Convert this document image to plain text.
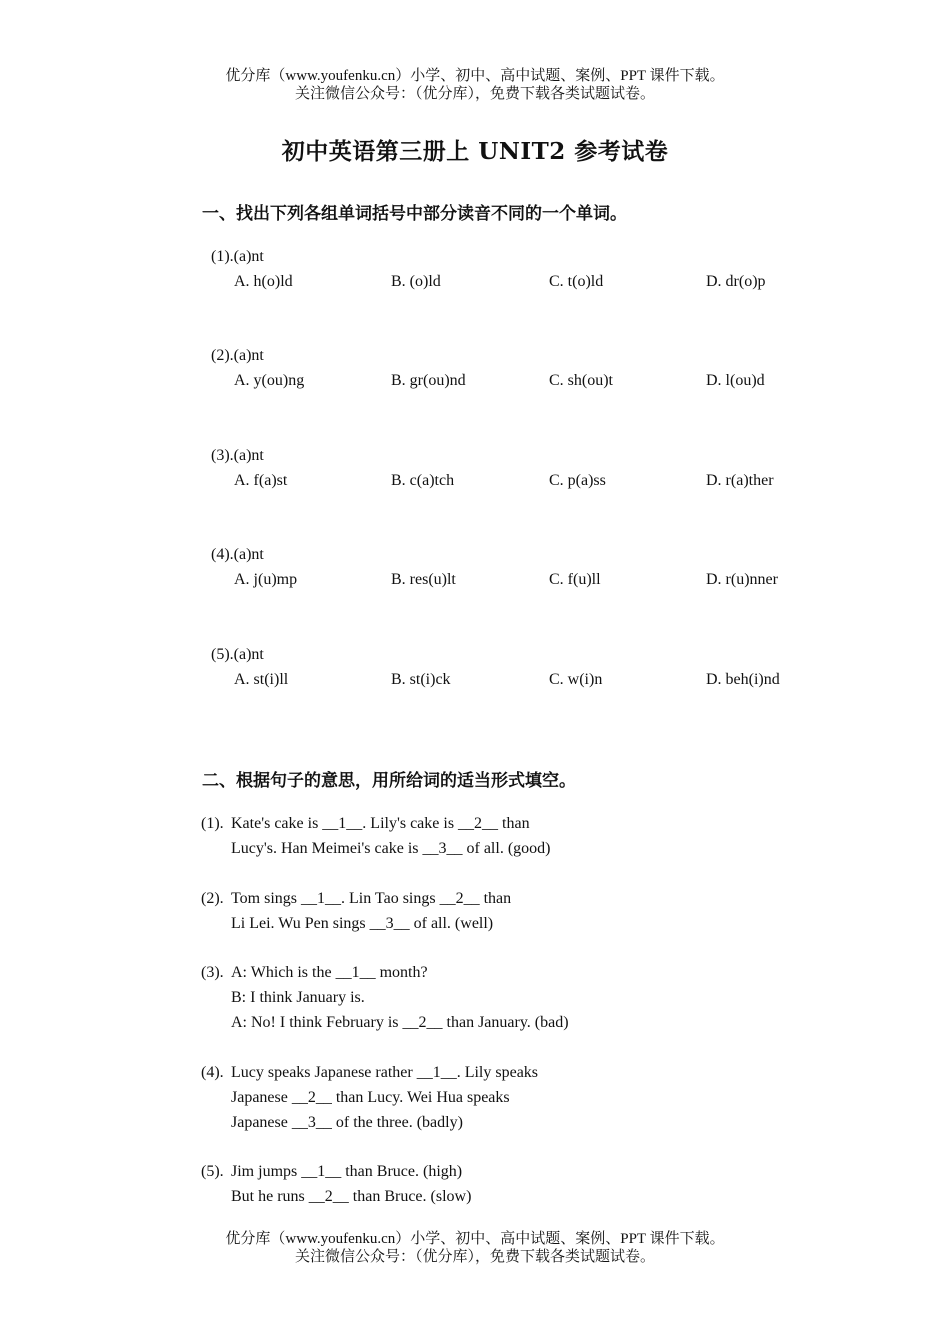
优分库（www.youfenku.cn）小学、初中、高中试题、案例、PPT 课件下载。
关注微信公众号：（优分库），免费下载各类试题试卷。
初中英语第三册上 UNIT2 参考试卷
一、找出下列各组单词括号中部分读音不同的一个单词。
(1).(a)nt
A. h(o)ld	B. (o)ld	C. t(o)ld	D. dr(o)p
(2).(a)nt
A. y(ou)ng	B. gr(ou)nd	C. sh(ou)t	D. l(ou)d
(3).(a)nt
A. f(a)st	B. c(a)tch	C. p(a)ss	D. r(a)ther
(4).(a)nt
A. j(u)mp	B. res(u)lt	C. f(u)ll	D. r(u)nner
(5).(a)nt
A. st(i)ll	B. st(i)ck	C. w(i)n	D. beh(i)nd
二、根据句子的意思，用所给词的适当形式填空。
(1). Kate's cake is __1__. Lily's cake is __2__ than
Lucy's. Han Meimei's cake is __3__ of all. (good)
(2). Tom sings __1__. Lin Tao sings __2__ than
Li Lei. Wu Pen sings __3__ of all. (well)
(3). A: Which is the __1__ month?
B: I think January is.
A: No! I think February is __2__ than January. (bad)
(4). Lucy speaks Japanese rather __1__. Lily speaks
Japanese __2__ than Lucy. Wei Hua speaks
Japanese __3__ of the three. (badly)
(5). Jim jumps __1__ than Bruce. (high)
But he runs __2__ than Bruce. (slow)
优分库（www.youfenku.cn）小学、初中、高中试题、案例、PPT 课件下载。
关注微信公众号：（优分库），免费下载各类试题试卷。
